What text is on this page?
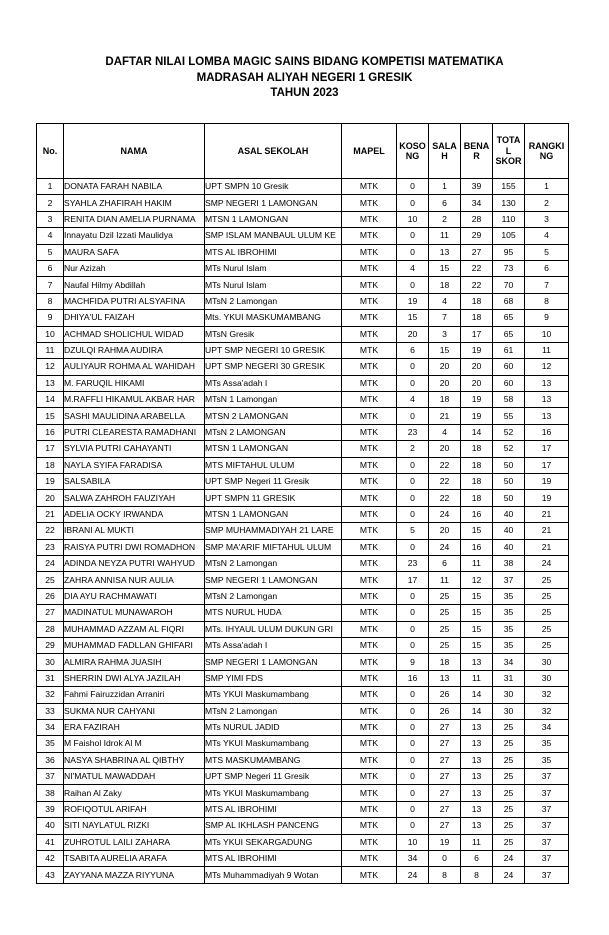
DAFTAR NILAI LOMBA MAGIC SAINS BIDANG KOMPETISI MATEMATIKA
MADRASAH ALIYAH NEGERI 1 GRESIK
TAHUN 2023
No.	NAMA	ASAL SEKOLAH	MAPEL	KOSO NG	SALA H	BENA R	TOTA L SKOR	RANGKI NG
1	DONATA FARAH NABILA	UPT SMPN 10 Gresik	MTK	0	1	39	155	1
2	SYAHLA ZHAFIRAH HAKIM	SMP NEGERI 1 LAMONGAN	MTK	0	6	34	130	2
3	RENITA DIAN AMELIA PURNAMA	MTSN 1 LAMONGAN	MTK	10	2	28	110	3
4	Innayatu Dzil Izzati Maulidya	SMP ISLAM MANBAUL ULUM KE	MTK	0	11	29	105	4
5	MAURA SAFA	MTS AL IBROHIMI	MTK	0	13	27	95	5
6	Nur Azizah	MTs Nurul Islam	MTK	4	15	22	73	6
7	Naufal Hilmy Abdillah	MTs Nurul Islam	MTK	0	18	22	70	7
8	MACHFIDA PUTRI ALSYAFINA	MTsN 2 Lamongan	MTK	19	4	18	68	8
9	DHIYA'UL FAIZAH	Mts. YKUI MASKUMAMBANG	MTK	15	7	18	65	9
10	ACHMAD SHOLICHUL WIDAD	MTsN Gresik	MTK	20	3	17	65	10
11	DZULQI RAHMA AUDIRA	UPT SMP NEGERI 10 GRESIK	MTK	6	15	19	61	11
12	AULIYAUR ROHMA AL WAHIDAH	UPT SMP NEGERI 30 GRESIK	MTK	0	20	20	60	12
13	M. FARUQIL HIKAMI	MTs Assa'adah I	MTK	0	20	20	60	13
14	M.RAFFLI HIKAMUL AKBAR HAR	MTsN 1 Lamongan	MTK	4	18	19	58	13
15	SASHI MAULIDINA ARABELLA	MTSN 2 LAMONGAN	MTK	0	21	19	55	13
16	PUTRI CLEARESTA RAMADHANI	MTsN 2 LAMONGAN	MTK	23	4	14	52	16
17	SYLVIA PUTRI CAHAYANTI	MTSN 1 LAMONGAN	MTK	2	20	18	52	17
18	NAYLA SYIFA FARADISA	MTS MIFTAHUL ULUM	MTK	0	22	18	50	17
19	SALSABILA	UPT SMP Negeri 11 Gresik	MTK	0	22	18	50	19
20	SALWA ZAHROH FAUZIYAH	UPT SMPN 11 GRESIK	MTK	0	22	18	50	19
21	ADELIA OCKY IRWANDA	MTSN 1 LAMONGAN	MTK	0	24	16	40	21
22	IBRANI AL MUKTI	SMP MUHAMMADIYAH 21 LARE	MTK	5	20	15	40	21
23	RAISYA PUTRI DWI ROMADHON	SMP MA'ARIF MIFTAHUL ULUM	MTK	0	24	16	40	21
24	ADINDA NEYZA PUTRI WAHYUD	MTsN 2 Lamongan	MTK	23	6	11	38	24
25	ZAHRA ANNISA NUR AULIA	SMP NEGERI 1 LAMONGAN	MTK	17	11	12	37	25
26	DIA AYU RACHMAWATI	MTsN 2 Lamongan	MTK	0	25	15	35	25
27	MADINATUL MUNAWAROH	MTS NURUL HUDA	MTK	0	25	15	35	25
28	MUHAMMAD AZZAM AL FIQRI	MTs. IHYAUL ULUM DUKUN GRI	MTK	0	25	15	35	25
29	MUHAMMAD FADLLAN GHIFARI	MTs Assa'adah I	MTK	0	25	15	35	25
30	ALMIRA RAHMA JUASIH	SMP NEGERI 1 LAMONGAN	MTK	9	18	13	34	30
31	SHERRIN DWI ALYA JAZILAH	SMP YIMI FDS	MTK	16	13	11	31	30
32	Fahmi Fairuzzidan Arraniri	MTs YKUI Maskumambang	MTK	0	26	14	30	32
33	SUKMA NUR CAHYANI	MTsN 2 Lamongan	MTK	0	26	14	30	32
34	ERA FAZIRAH	MTs NURUL JADID	MTK	0	27	13	25	34
35	M Faishol Idrok Al M	MTs YKUI Maskumambang	MTK	0	27	13	25	35
36	NASYA SHABRINA AL QIBTHY	MTS MASKUMAMBANG	MTK	0	27	13	25	35
37	NI'MATUL MAWADDAH	UPT SMP Negeri 11 Gresik	MTK	0	27	13	25	37
38	Raihan Al Zaky	MTs YKUI Maskumambang	MTK	0	27	13	25	37
39	ROFIQOTUL ARIFAH	MTS AL IBROHIMI	MTK	0	27	13	25	37
40	SITI NAYLATUL RIZKI	SMP AL IKHLASH PANCENG	MTK	0	27	13	25	37
41	ZUHROTUL LAILI ZAHARA	MTs YKUI SEKARGADUNG	MTK	10	19	11	25	37
42	TSABITA AURELIA ARAFA	MTS AL IBROHIMI	MTK	34	0	6	24	37
43	ZAYYANA MAZZA RIYYUNA	MTs Muhammadiyah 9 Wotan	MTK	24	8	8	24	37
